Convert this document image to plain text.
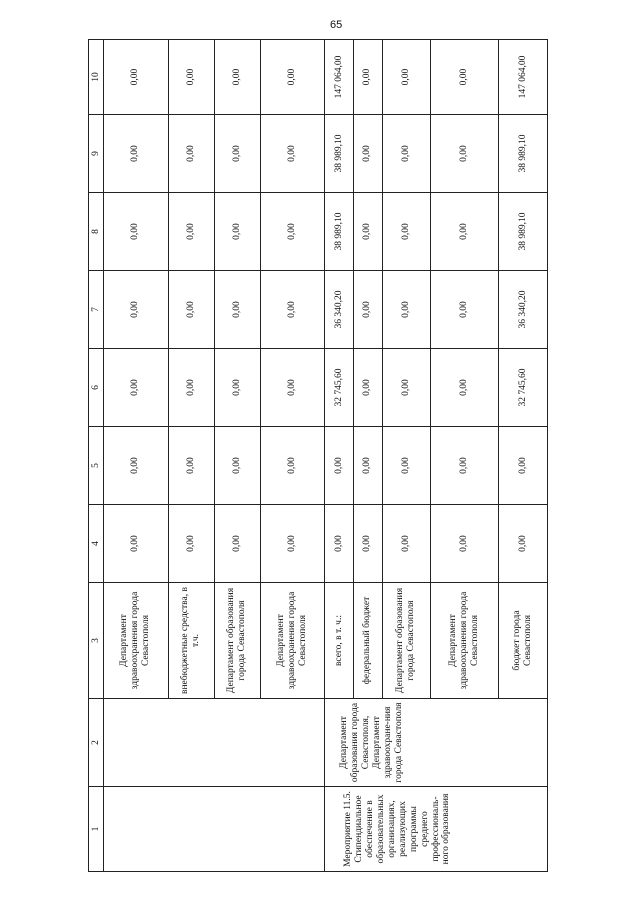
65
1	2	3	4	5	6	7	8	9	10
		Департамент здравоохранения города Севастополя	0,00	0,00	0,00	0,00	0,00	0,00	0,00
		внебюджетные средства, в т.ч.	0,00	0,00	0,00	0,00	0,00	0,00	0,00
		Департамент образования города Севастополя	0,00	0,00	0,00	0,00	0,00	0,00	0,00
		Департамент здравоохранения города Севастополя	0,00	0,00	0,00	0,00	0,00	0,00	0,00
Мероприятие 11.5. Стипендиальное обеспечение в образовательных организациях, реализующих программы среднего профессиональ-ного образования	Департамент образования города Севастополя, Департамент здравоохране-ния города Севастополя	всего, в т. ч.:	0,00	0,00	32 745,60	36 340,20	38 989,10	38 989,10	147 064,00
		федеральный бюджет	0,00	0,00	0,00	0,00	0,00	0,00	0,00
		Департамент образования города Севастополя	0,00	0,00	0,00	0,00	0,00	0,00	0,00
		Департамент здравоохранения города Севастополя	0,00	0,00	0,00	0,00	0,00	0,00	0,00
		бюджет города Севастополя	0,00	0,00	32 745,60	36 340,20	38 989,10	38 989,10	147 064,00
